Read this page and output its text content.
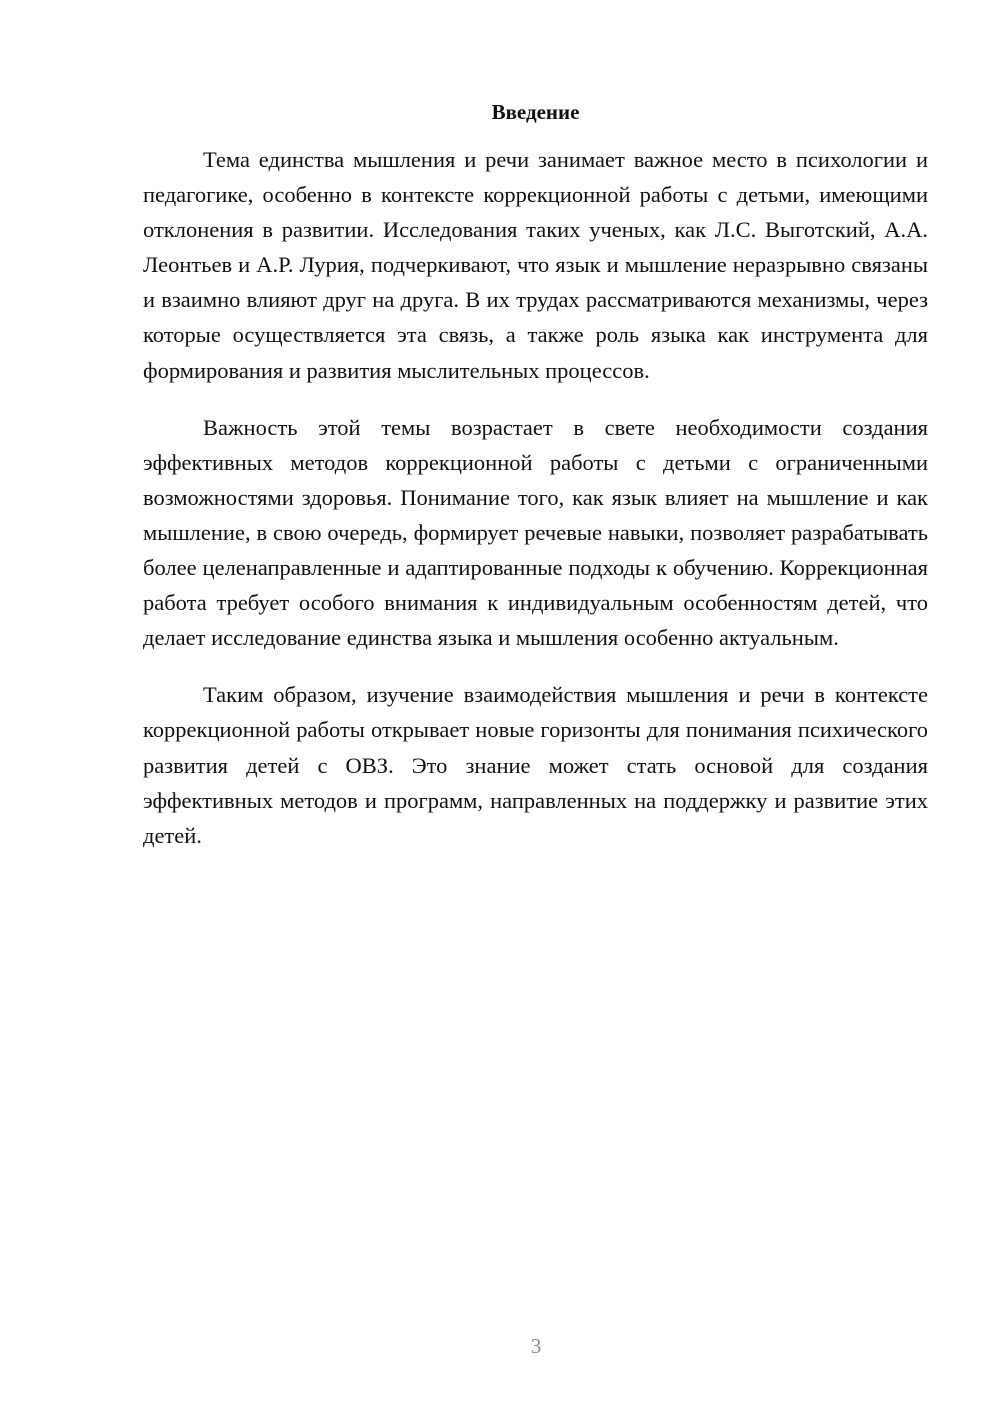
Введение

Тема единства мышления и речи занимает важное место в психологии и педагогике, особенно в контексте коррекционной работы с детьми, имеющими отклонения в развитии. Исследования таких ученых, как Л.С. Выготский, А.А. Леонтьев и А.Р. Лурия, подчеркивают, что язык и мышление неразрывно связаны и взаимно влияют друг на друга. В их трудах рассматриваются механизмы, через которые осуществляется эта связь, а также роль языка как инструмента для формирования и развития мыслительных процессов.

Важность этой темы возрастает в свете необходимости создания эффективных методов коррекционной работы с детьми с ограниченными возможностями здоровья. Понимание того, как язык влияет на мышление и как мышление, в свою очередь, формирует речевые навыки, позволяет разрабатывать более целенаправленные и адаптированные подходы к обучению. Коррекционная работа требует особого внимания к индивидуальным особенностям детей, что делает исследование единства языка и мышления особенно актуальным.

Таким образом, изучение взаимодействия мышления и речи в контексте коррекционной работы открывает новые горизонты для понимания психического развития детей с ОВЗ. Это знание может стать основой для создания эффективных методов и программ, направленных на поддержку и развитие этих детей.

3
